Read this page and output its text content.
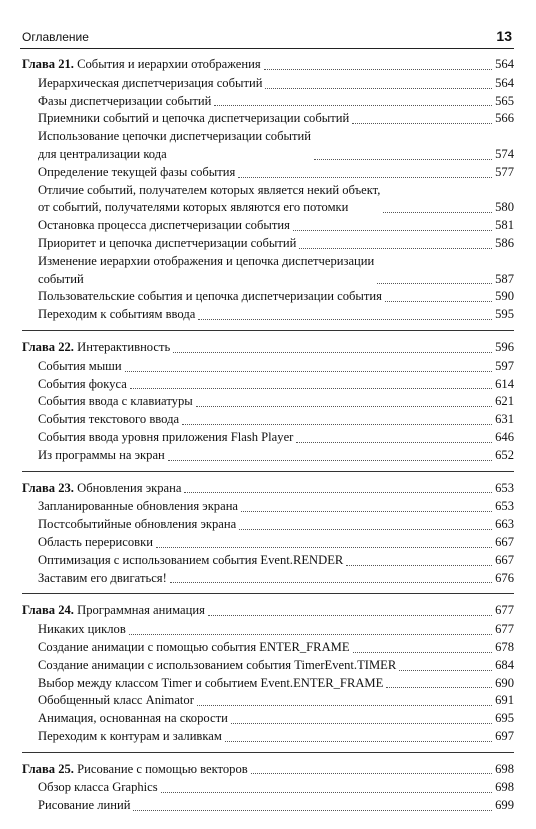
Оглавление	13
Глава 21. События и иерархии отображения	564
Иерархическая диспетчеризация событий	564
Фазы диспетчеризации событий	565
Приемники событий и цепочка диспетчеризации событий	566
Использование цепочки диспетчеризации событий
для централизации кода	574
Определение текущей фазы события	577
Отличие событий, получателем которых является некий объект,
от событий, получателями которых являются его потомки	580
Остановка процесса диспетчеризации события	581
Приоритет и цепочка диспетчеризации событий	586
Изменение иерархии отображения и цепочка диспетчеризации
событий	587
Пользовательские события и цепочка диспетчеризации события	590
Переходим к событиям ввода	595
Глава 22. Интерактивность	596
События мыши	597
События фокуса	614
События ввода с клавиатуры	621
События текстового ввода	631
События ввода уровня приложения Flash Player	646
Из программы на экран	652
Глава 23. Обновления экрана	653
Запланированные обновления экрана	653
Постсобытийные обновления экрана	663
Область перерисовки	667
Оптимизация с использованием события Event.RENDER	667
Заставим его двигаться!	676
Глава 24. Программная анимация	677
Никаких циклов	677
Создание анимации с помощью события ENTER_FRAME	678
Создание анимации с использованием события TimerEvent.TIMER	684
Выбор между классом Timer и событием Event.ENTER_FRAME	690
Обобщенный класс Animator	691
Анимация, основанная на скорости	695
Переходим к контурам и заливкам	697
Глава 25. Рисование с помощью векторов	698
Обзор класса Graphics	698
Рисование линий	699
